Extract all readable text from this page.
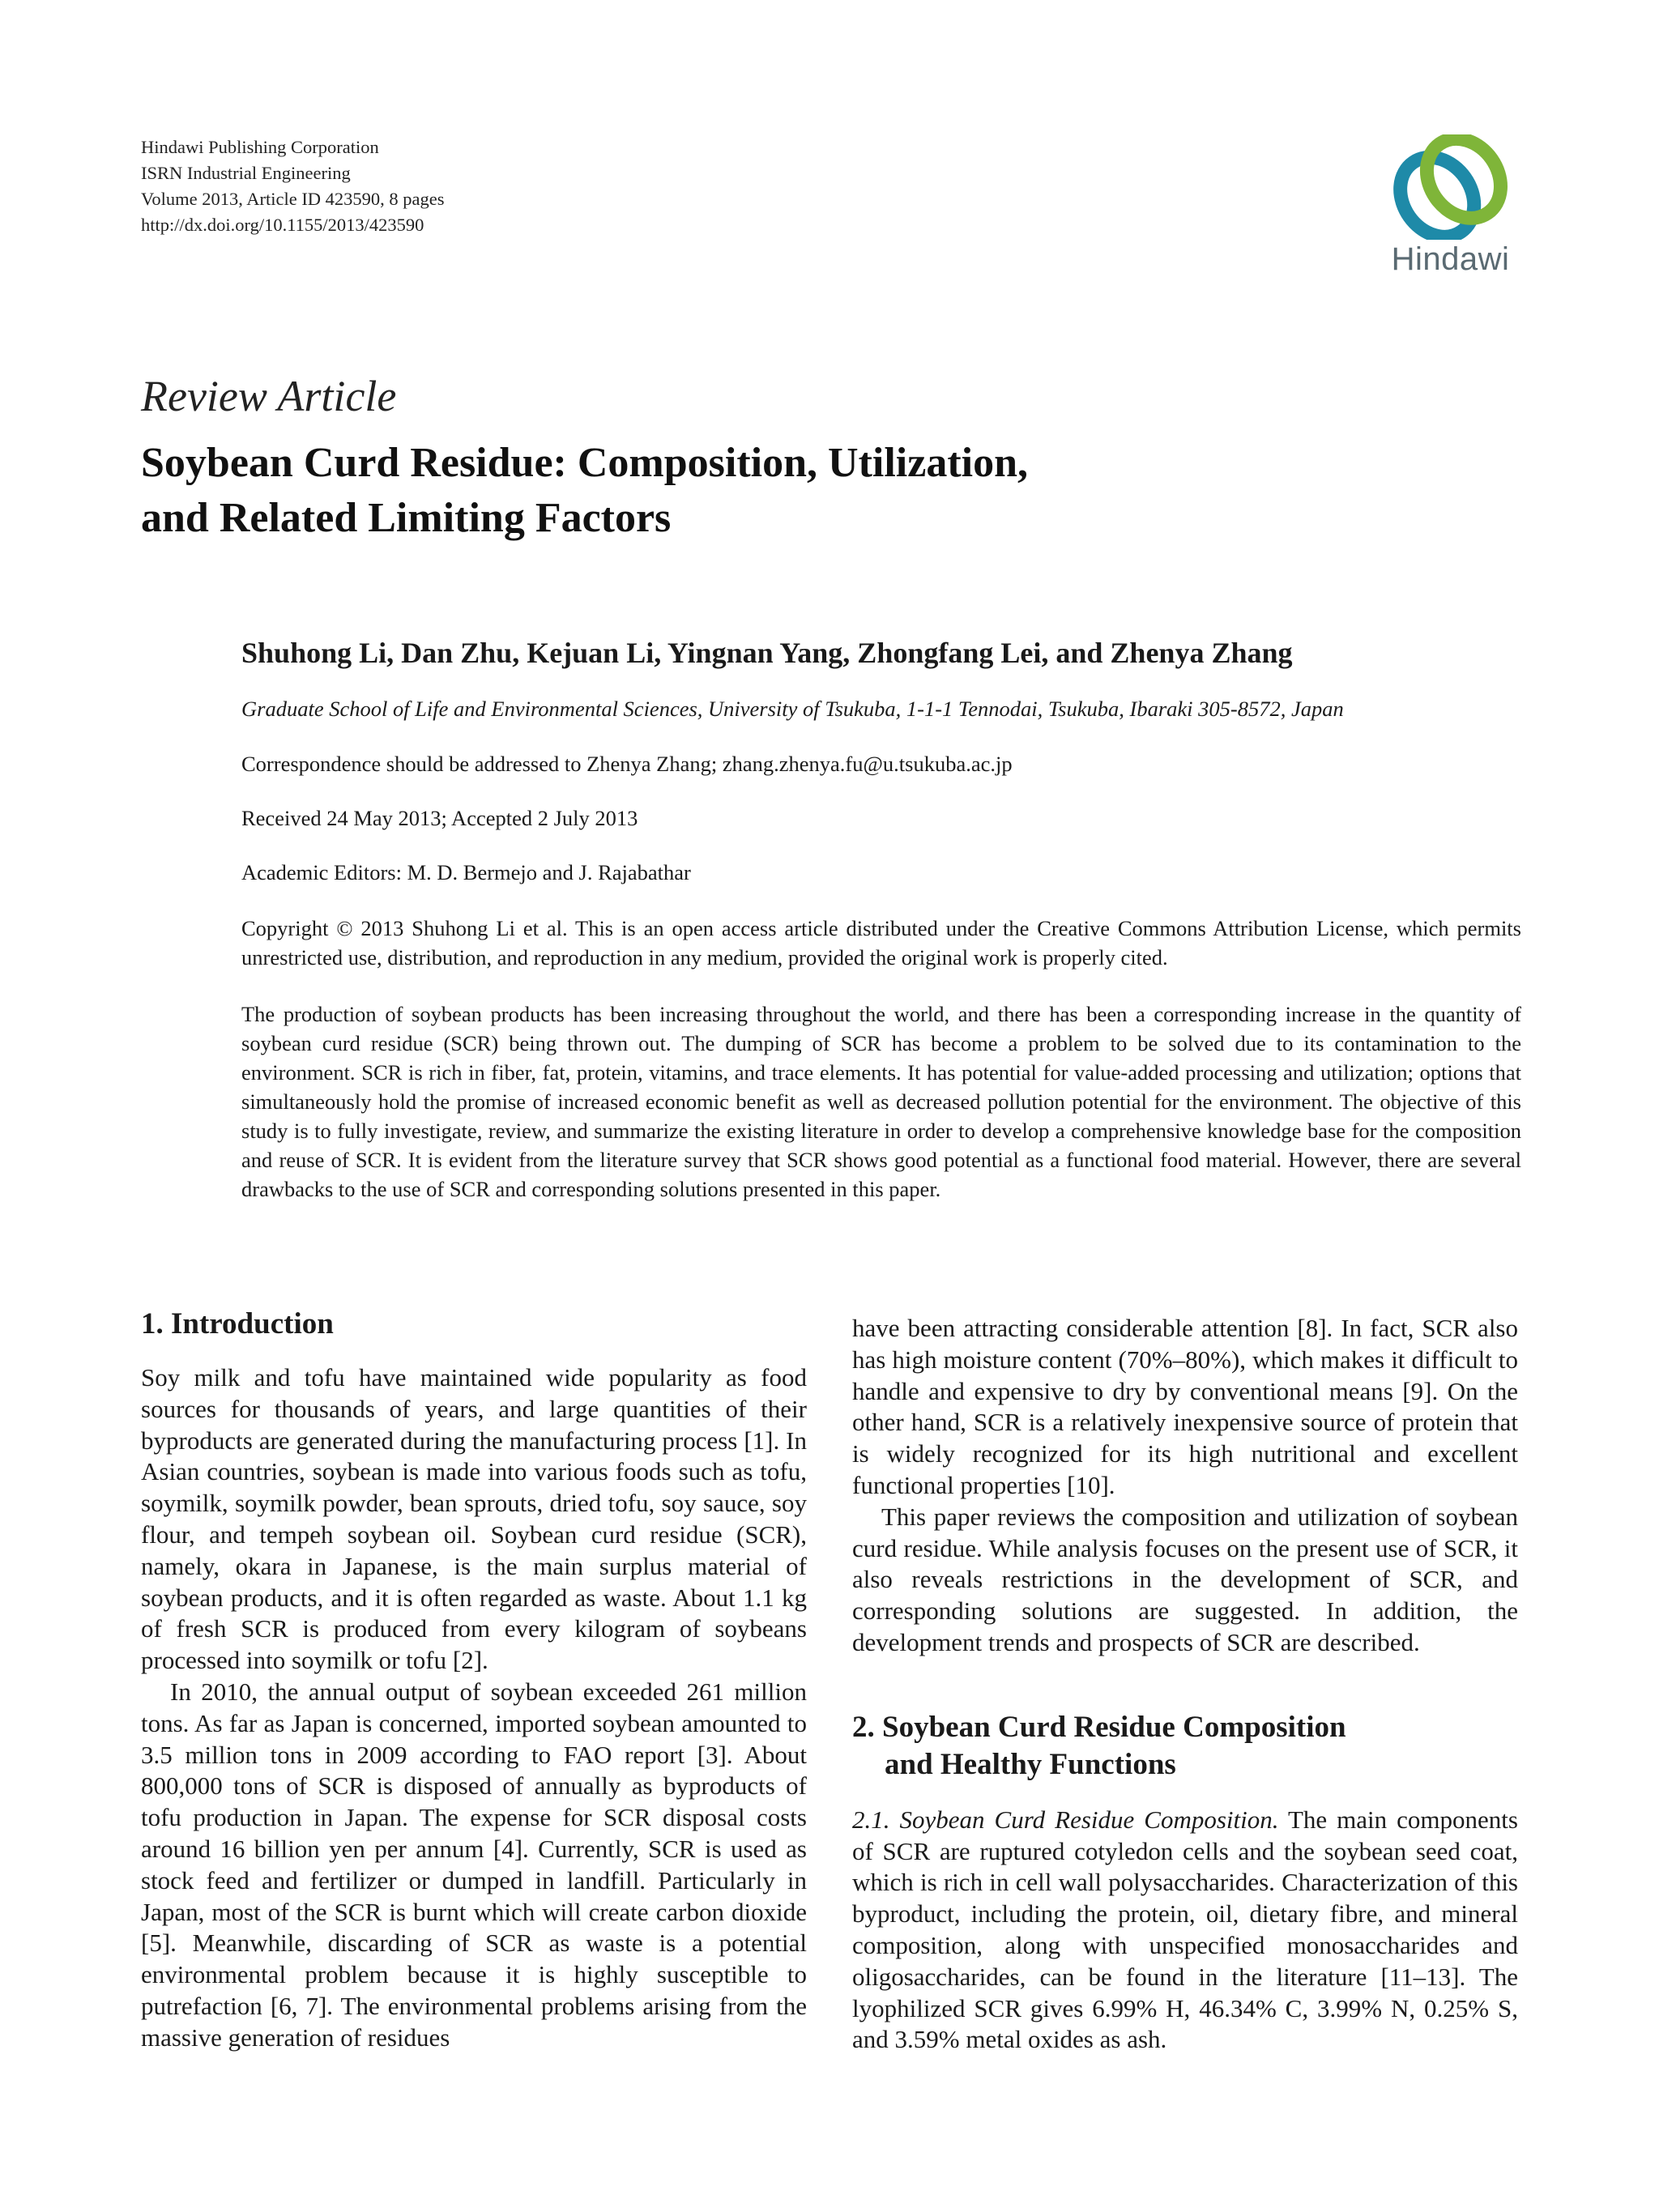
Hindawi Publishing Corporation
ISRN Industrial Engineering
Volume 2013, Article ID 423590, 8 pages
http://dx.doi.org/10.1155/2013/423590
Hindawi
Review Article
Soybean Curd Residue: Composition, Utilization,
and Related Limiting Factors
Shuhong Li, Dan Zhu, Kejuan Li, Yingnan Yang, Zhongfang Lei, and Zhenya Zhang
Graduate School of Life and Environmental Sciences, University of Tsukuba, 1-1-1 Tennodai, Tsukuba, Ibaraki 305-8572, Japan
Correspondence should be addressed to Zhenya Zhang; zhang.zhenya.fu@u.tsukuba.ac.jp
Received 24 May 2013; Accepted 2 July 2013
Academic Editors: M. D. Bermejo and J. Rajabathar
Copyright © 2013 Shuhong Li et al. This is an open access article distributed under the Creative Commons Attribution License, which permits unrestricted use, distribution, and reproduction in any medium, provided the original work is properly cited.
The production of soybean products has been increasing throughout the world, and there has been a corresponding increase in the quantity of soybean curd residue (SCR) being thrown out. The dumping of SCR has become a problem to be solved due to its contamination to the environment. SCR is rich in fiber, fat, protein, vitamins, and trace elements. It has potential for value-added processing and utilization; options that simultaneously hold the promise of increased economic benefit as well as decreased pollution potential for the environment. The objective of this study is to fully investigate, review, and summarize the existing literature in order to develop a comprehensive knowledge base for the composition and reuse of SCR. It is evident from the literature survey that SCR shows good potential as a functional food material. However, there are several drawbacks to the use of SCR and corresponding solutions presented in this paper.
1. Introduction

Soy milk and tofu have maintained wide popularity as food sources for thousands of years, and large quantities of their byproducts are generated during the manufacturing process [1]. In Asian countries, soybean is made into various foods such as tofu, soymilk, soymilk powder, bean sprouts, dried tofu, soy sauce, soy flour, and tempeh soybean oil. Soybean curd residue (SCR), namely, okara in Japanese, is the main surplus material of soybean products, and it is often regarded as waste. About 1.1 kg of fresh SCR is produced from every kilogram of soybeans processed into soymilk or tofu [2].

In 2010, the annual output of soybean exceeded 261 million tons. As far as Japan is concerned, imported soybean amounted to 3.5 million tons in 2009 according to FAO report [3]. About 800,000 tons of SCR is disposed of annually as byproducts of tofu production in Japan. The expense for SCR disposal costs around 16 billion yen per annum [4]. Currently, SCR is used as stock feed and fertilizer or dumped in landfill. Particularly in Japan, most of the SCR is burnt which will create carbon dioxide [5]. Meanwhile, discarding of SCR as waste is a potential environmental problem because it is highly susceptible to putrefaction [6, 7]. The environmental problems arising from the massive generation of residues

have been attracting considerable attention [8]. In fact, SCR also has high moisture content (70%–80%), which makes it difficult to handle and expensive to dry by conventional means [9]. On the other hand, SCR is a relatively inexpensive source of protein that is widely recognized for its high nutritional and excellent functional properties [10].

This paper reviews the composition and utilization of soybean curd residue. While analysis focuses on the present use of SCR, it also reveals restrictions in the development of SCR, and corresponding solutions are suggested. In addition, the development trends and prospects of SCR are described.

2. Soybean Curd Residue Composition
and Healthy Functions

2.1. Soybean Curd Residue Composition. The main components of SCR are ruptured cotyledon cells and the soybean seed coat, which is rich in cell wall polysaccharides. Characterization of this byproduct, including the protein, oil, dietary fibre, and mineral composition, along with unspecified monosaccharides and oligosaccharides, can be found in the literature [11–13]. The lyophilized SCR gives 6.99% H, 46.34% C, 3.99% N, 0.25% S, and 3.59% metal oxides as ash.
